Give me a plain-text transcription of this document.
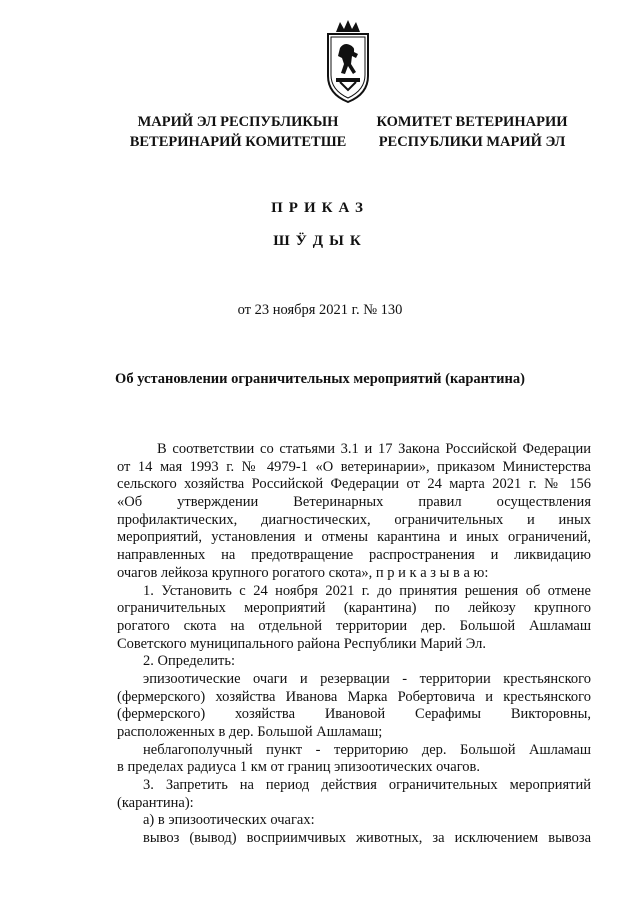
МАРИЙ ЭЛ РЕСПУБЛИКЫН
ВЕТЕРИНАРИЙ КОМИТЕТШЕ
КОМИТЕТ ВЕТЕРИНАРИИ
РЕСПУБЛИКИ МАРИЙ ЭЛ
ПРИКАЗ
ШӰДЫК
от 23 ноября 2021 г. № 130
Об установлении ограничительных мероприятий (карантина)
В соответствии со статьями 3.1 и 17 Закона Российской Федерации
от 14 мая 1993 г. № 4979-1 «О ветеринарии», приказом Министерства
сельского хозяйства Российской Федерации от 24 марта 2021 г. № 156
«Об утверждении Ветеринарных правил осуществления
профилактических, диагностических, ограничительных и иных
мероприятий, установления и отмены карантина и иных ограничений,
направленных на предотвращение распространения и ликвидацию
очагов лейкоза крупного рогатого скота», п р и к а з ы в а ю:
1. Установить с 24 ноября 2021 г. до принятия решения об отмене
ограничительных мероприятий (карантина) по лейкозу крупного
рогатого скота на отдельной территории дер. Большой Ашламаш
Советского муниципального района Республики Марий Эл.
2. Определить:
эпизоотические очаги и резервации - территории крестьянского
(фермерского) хозяйства Иванова Марка Робертовича и крестьянского
(фермерского) хозяйства Ивановой Серафимы Викторовны,
расположенных в дер. Большой Ашламаш;
неблагополучный пункт - территорию дер. Большой Ашламаш
в пределах радиуса 1 км от границ эпизоотических очагов.
3. Запретить на период действия ограничительных мероприятий
(карантина):
а) в эпизоотических очагах:
вывоз (вывод) восприимчивых животных, за исключением вывоза
